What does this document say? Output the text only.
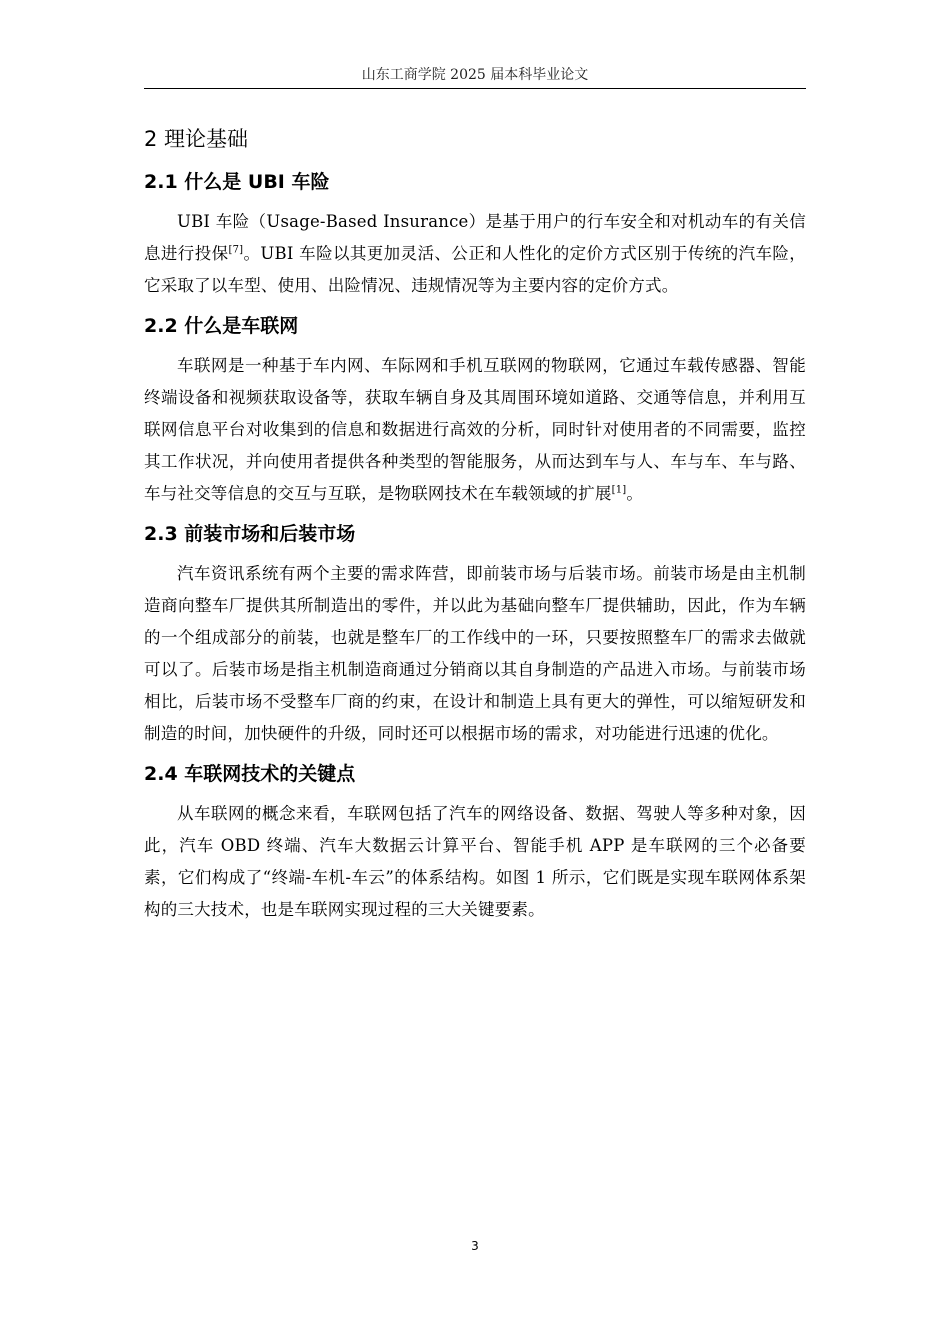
山东工商学院 2025 届本科毕业论文
2 理论基础
2.1 什么是 UBI 车险

UBI 车险（Usage-Based Insurance）是基于用户的行车安全和对机动车的有关信息进行投保[7]。UBI 车险以其更加灵活、公正和人性化的定价方式区别于传统的汽车险，它采取了以车型、使用、出险情况、违规情况等为主要内容的定价方式。

2.2 什么是车联网

车联网是一种基于车内网、车际网和手机互联网的物联网，它通过车载传感器、智能终端设备和视频获取设备等，获取车辆自身及其周围环境如道路、交通等信息，并利用互联网信息平台对收集到的信息和数据进行高效的分析，同时针对使用者的不同需要，监控其工作状况，并向使用者提供各种类型的智能服务，从而达到车与人、车与车、车与路、车与社交等信息的交互与互联，是物联网技术在车载领域的扩展[1]。

2.3 前装市场和后装市场

汽车资讯系统有两个主要的需求阵营，即前装市场与后装市场。前装市场是由主机制造商向整车厂提供其所制造出的零件，并以此为基础向整车厂提供辅助，因此，作为车辆的一个组成部分的前装，也就是整车厂的工作线中的一环，只要按照整车厂的需求去做就可以了。后装市场是指主机制造商通过分销商以其自身制造的产品进入市场。与前装市场相比，后装市场不受整车厂商的约束，在设计和制造上具有更大的弹性，可以缩短研发和制造的时间，加快硬件的升级，同时还可以根据市场的需求，对功能进行迅速的优化。

2.4 车联网技术的关键点

从车联网的概念来看，车联网包括了汽车的网络设备、数据、驾驶人等多种对象，因此，汽车 OBD 终端、汽车大数据云计算平台、智能手机 APP 是车联网的三个必备要素，它们构成了“终端-车机-车云”的体系结构。如图 1 所示，它们既是实现车联网体系架构的三大技术，也是车联网实现过程的三大关键要素。

3
